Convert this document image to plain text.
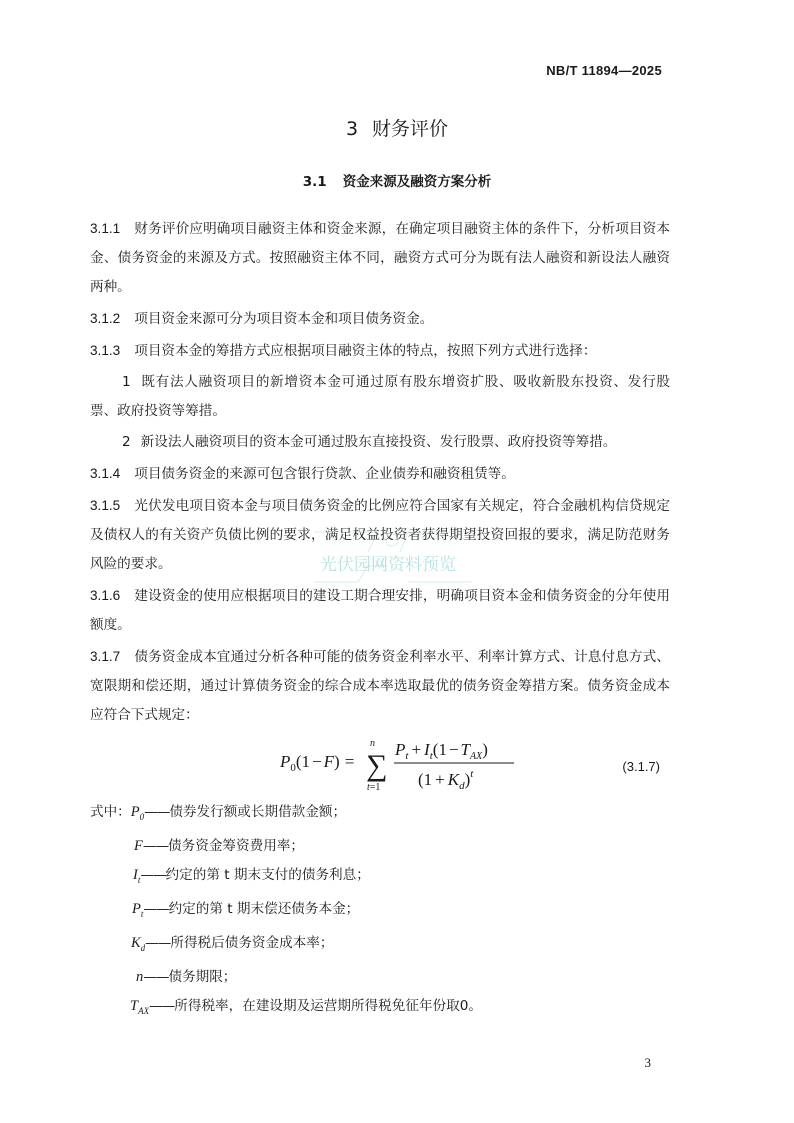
NB/T 11894—2025
3 财务评价
3.1 资金来源及融资方案分析

3.1.1 财务评价应明确项目融资主体和资金来源，在确定项目融资主体的条件下，分析项目资本金、债务资金的来源及方式。按照融资主体不同，融资方式可分为既有法人融资和新设法人融资两种。

3.1.2 项目资金来源可分为项目资本金和项目债务资金。

3.1.3 项目资本金的筹措方式应根据项目融资主体的特点，按照下列方式进行选择：

1 既有法人融资项目的新增资本金可通过原有股东增资扩股、吸收新股东投资、发行股票、政府投资等筹措。

2 新设法人融资项目的资本金可通过股东直接投资、发行股票、政府投资等筹措。

3.1.4 项目债务资金的来源可包含银行贷款、企业债券和融资租赁等。

3.1.5 光伏发电项目资本金与项目债务资金的比例应符合国家有关规定，符合金融机构信贷规定及债权人的有关资产负债比例的要求，满足权益投资者获得期望投资回报的要求，满足防范财务风险的要求。

3.1.6 建设资金的使用应根据项目的建设工期合理安排，明确项目资本金和债务资金的分年使用额度。

3.1.7 债务资金成本宜通过分析各种可能的债务资金利率水平、利率计算方式、计息付息方式、宽限期和偿还期，通过计算债务资金的综合成本率选取最优的债务资金筹措方案。债务资金成本应符合下式规定：

$P_0(1 - F)$ = ∑
n
t=1
$P_t + I_t(1 - T_{AX})$
$(1 + K_d)^t$	(3.1.7)

式中：$P_0——$债券发行额或长期借款金额；

F——债务资金筹资费用率；

$I_t——$约定的第 t 期末支付的债务利息；

$P_t——$约定的第 t 期末偿还债务本金；

$K_d——$所得税后债务资金成本率；

n——债务期限；

$T_{AX}——$所得税率，在建设期及运营期所得税免征年份取0。

光伏园网资料预览
3
